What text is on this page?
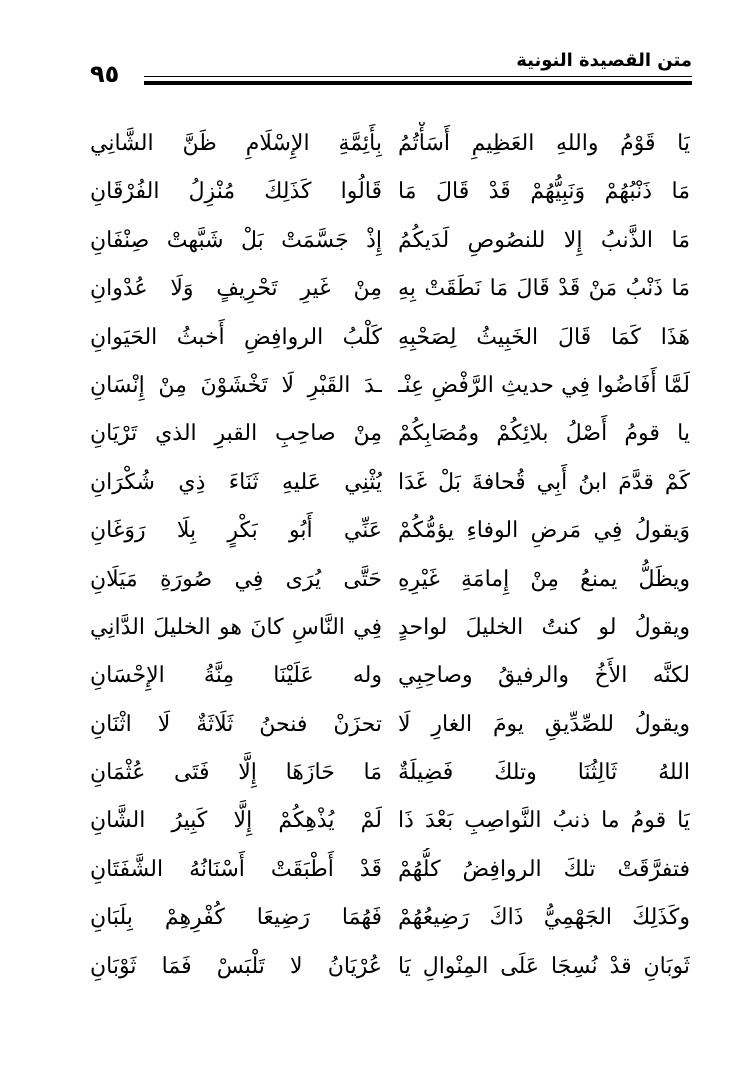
متن القصيدة النونية
٩٥
يَا قَوْمُ واللهِ العَظِيمِ أَسَأْتُمُ
بِأَئِمَّةِ الإِسْلَامِ ظَنَّ الشَّانِي
مَا ذَنْبُهُمْ وَنَبِيُّهُمْ قَدْ قَالَ مَا
قَالُوا كَذَلِكَ مُنْزِلُ الفُرْقَانِ
مَا الذَّنبُ إِلا للنصُوصِ لَدَيكُمُ
إِذْ جَسَّمَتْ بَلْ شَبَّهتْ صِنْفَانِ
مَا ذَنْبُ مَنْ قَدْ قَالَ مَا نَطَقَتْ بِهِ
مِنْ غَيرِ تَحْرِيفٍ وَلَا عُدْوانِ
هَذَا كَمَا قَالَ الخَبِيثُ لِصَحْبِهِ
كَلْبُ الروافِضِ أَخبثُ الحَيَوانِ
لَمَّا أَفَاضُوا فِي حديثِ الرَّفْضِ عِنْـ
ـدَ القَبْرِ لَا تَخْشَوْنَ مِنْ إِنْسَانِ
يا قومُ أَصْلُ بلائِكُمْ ومُصَابِكُمْ
مِنْ صاحِبِ القبرِ الذي تَرْيَانِ
كَمْ قدَّمَ ابنُ أَبِي قُحافةَ بَلْ غَدَا
يُثْنِي عَليهِ ثَنَاءَ ذِي شُكْرَانِ
وَيقولُ فِي مَرضِ الوفاءِ يؤمُّكُمْ
عَنِّي أَبُو بَكْرٍ بِلَا رَوَغَانِ
ويظَلُّ يمنعُ مِنْ إِمامَةِ غَيْرِهِ
حَتَّى يُرَى فِي صُورَةِ مَيَلَانِ
ويقولُ لو كنتُ الخليلَ لواحدٍ
فِي النَّاسِ كانَ هو الخليلَ الدَّانِي
لكنَّه الأَخُ والرفيقُ وصاحِبِي
وله عَلَيْنَا مِنَّةُ الإِحْسَانِ
ويقولُ للصِّدِّيقِ يومَ الغارِ لَا
تحزَنْ فنحنُ ثَلَاثَةٌ لَا اثْنَانِ
اللهُ ثَالِثُنَا وتلكَ فَضِيلَةٌ
مَا حَازَهَا إِلَّا فَتَى عُثْمَانِ
يَا قومُ ما ذنبُ النَّواصِبِ بَعْدَ ذَا
لَمْ يُذْهِكُمْ إِلَّا كَبِيرُ الشَّانِ
فتفرَّقَتْ تلكَ الروافِضُ كلُّهُمْ
قَدْ أَطْبَقَتْ أَسْنَانُهُ الشَّفَتَانِ
وكَذَلِكَ الجَهْمِيُّ ذَاكَ رَضِيعُهُمْ
فَهُمَا رَضِيعَا كُفْرِهِمْ بِلَبَانِ
ثَوبَانِ قدْ نُسِجَا عَلَى المِنْوالِ يَا
عُرْيَانُ لا تَلْبَسْ فَمَا ثَوْبَانِ
